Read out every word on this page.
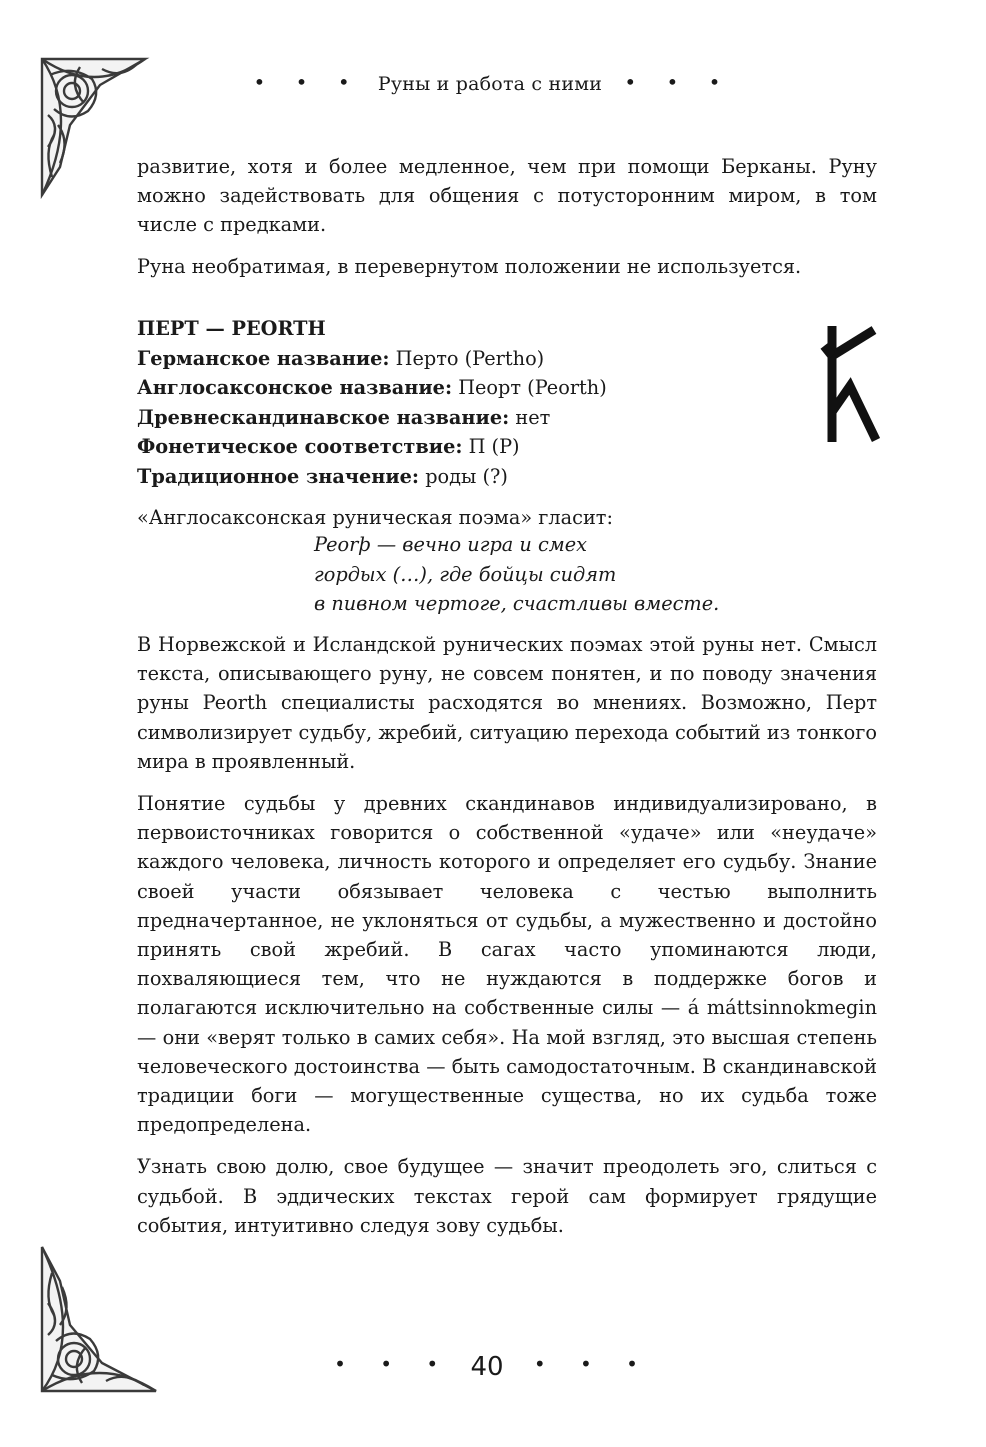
• • • Руны и работа с ними • • •

развитие, хотя и более медленное, чем при помощи Берканы. Руну можно задействовать для общения с потусторонним миром, в том числе с предками.

Руна необратимая, в перевернутом положении не используется.

ПЕРТ — PEORTH
Германское название: Перто (Pertho)
Англосаксонское название: Пеорт (Peorth)
Древнескандинавское название: нет
Фонетическое соответствие: П (Р)
Традиционное значение: роды (?)
«Англосаксонская руническая поэма» гласит:
Peorþ — вечно игра и смех
гордых (…), где бойцы сидят
в пивном чертоге, счастливы вместе.

В Норвежской и Исландской рунических поэмах этой руны нет. Смысл текста, описывающего руну, не совсем понятен, и по поводу значения руны Peorth специалисты расходятся во мнениях. Возможно, Перт символизирует судьбу, жребий, ситуацию перехода событий из тонкого мира в проявленный.

Понятие судьбы у древних скандинавов индивидуализировано, в первоисточниках говорится о собственной «удаче» или «неудаче» каждого человека, личность которого и определяет его судьбу. Знание своей участи обязывает человека с честью выполнить предначертанное, не уклоняться от судьбы, а мужественно и достойно принять свой жребий. В сагах часто упоминаются люди, похваляющиеся тем, что не нуждаются в поддержке богов и полагаются исключительно на собственные силы — á máttsinnokmegin — они «верят только в самих себя». На мой взгляд, это высшая степень человеческого достоинства — быть самодостаточным. В скандинавской традиции боги — могущественные существа, но их судьба тоже предопределена.

Узнать свою долю, свое будущее — значит преодолеть эго, слиться с судьбой. В эддических текстах герой сам формирует грядущие события, интуитивно следуя зову судьбы.

• • • 40 • • •
